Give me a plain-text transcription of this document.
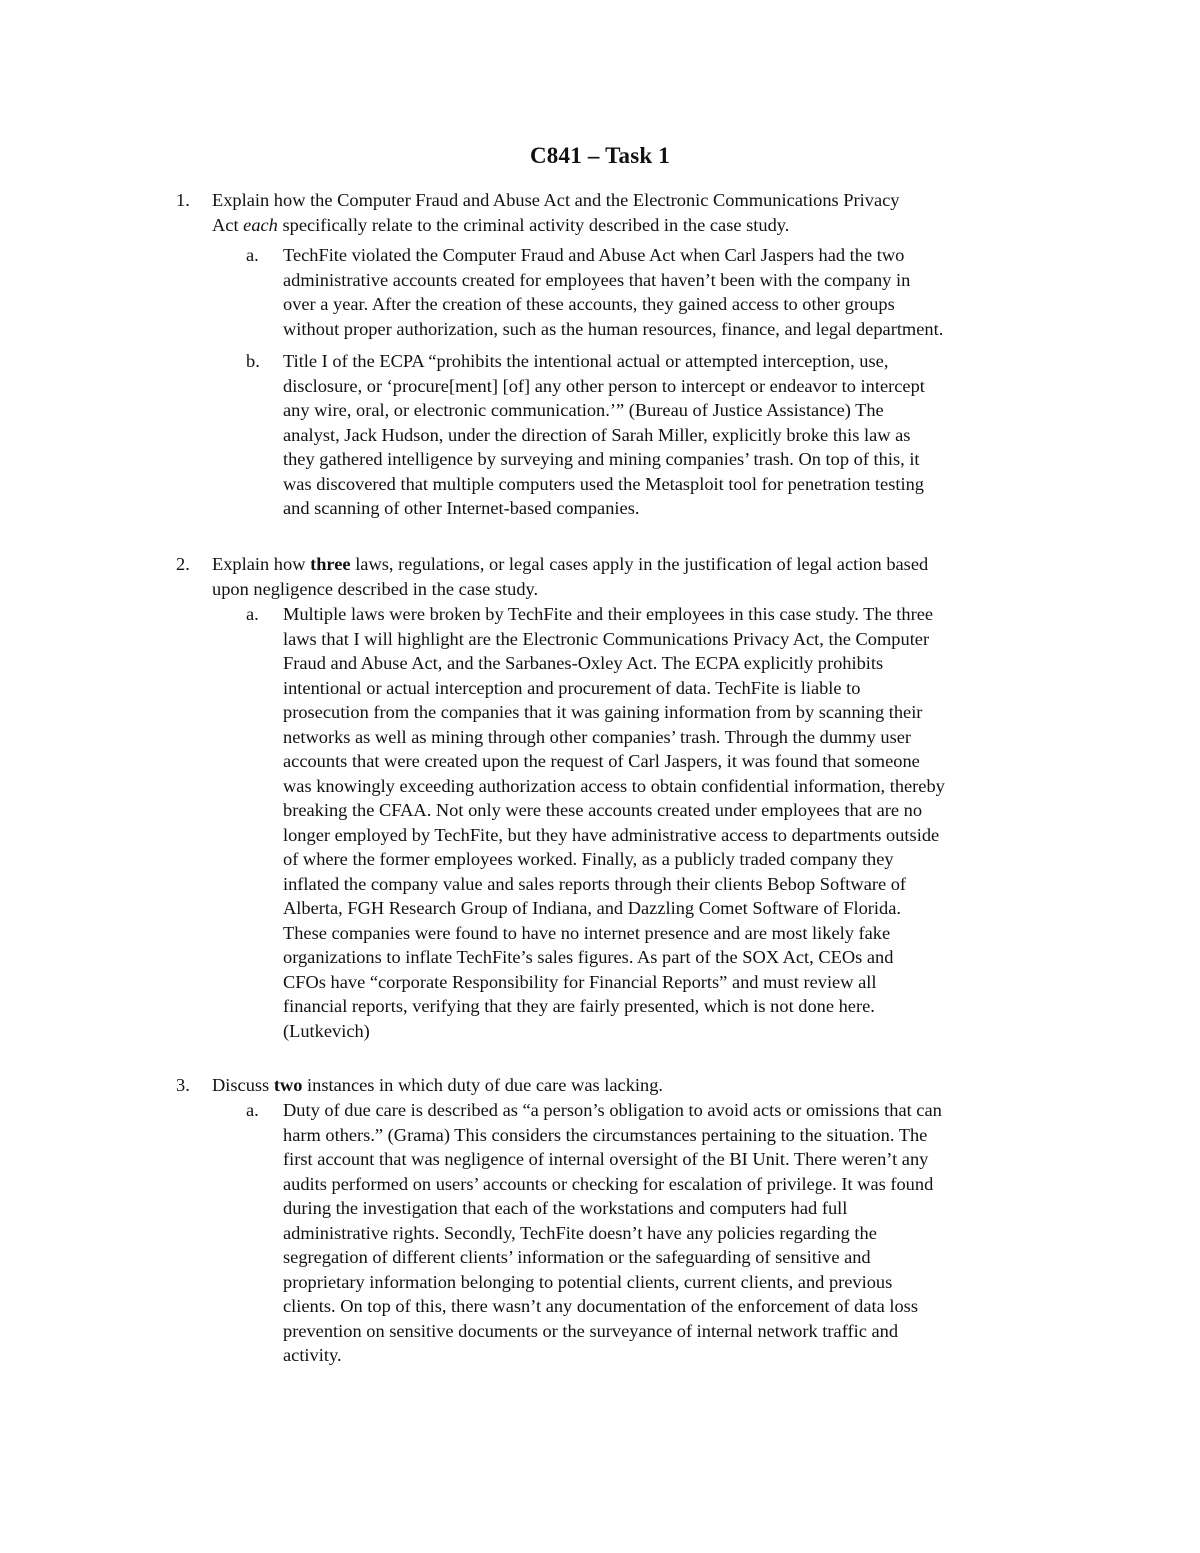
C841 – Task 1
1. Explain how the Computer Fraud and Abuse Act and the Electronic Communications Privacy
Act each specifically relate to the criminal activity described in the case study.
a. TechFite violated the Computer Fraud and Abuse Act when Carl Jaspers had the two
administrative accounts created for employees that haven’t been with the company in
over a year. After the creation of these accounts, they gained access to other groups
without proper authorization, such as the human resources, finance, and legal department.
b. Title I of the ECPA “prohibits the intentional actual or attempted interception, use,
disclosure, or ‘procure[ment] [of] any other person to intercept or endeavor to intercept
any wire, oral, or electronic communication.’” (Bureau of Justice Assistance) The
analyst, Jack Hudson, under the direction of Sarah Miller, explicitly broke this law as
they gathered intelligence by surveying and mining companies’ trash. On top of this, it
was discovered that multiple computers used the Metasploit tool for penetration testing
and scanning of other Internet-based companies.
2. Explain how three laws, regulations, or legal cases apply in the justification of legal action based
upon negligence described in the case study.
a. Multiple laws were broken by TechFite and their employees in this case study. The three
laws that I will highlight are the Electronic Communications Privacy Act, the Computer
Fraud and Abuse Act, and the Sarbanes-Oxley Act. The ECPA explicitly prohibits
intentional or actual interception and procurement of data. TechFite is liable to
prosecution from the companies that it was gaining information from by scanning their
networks as well as mining through other companies’ trash. Through the dummy user
accounts that were created upon the request of Carl Jaspers, it was found that someone
was knowingly exceeding authorization access to obtain confidential information, thereby
breaking the CFAA. Not only were these accounts created under employees that are no
longer employed by TechFite, but they have administrative access to departments outside
of where the former employees worked. Finally, as a publicly traded company they
inflated the company value and sales reports through their clients Bebop Software of
Alberta, FGH Research Group of Indiana, and Dazzling Comet Software of Florida.
These companies were found to have no internet presence and are most likely fake
organizations to inflate TechFite’s sales figures. As part of the SOX Act, CEOs and
CFOs have “corporate Responsibility for Financial Reports” and must review all
financial reports, verifying that they are fairly presented, which is not done here.
(Lutkevich)
3. Discuss two instances in which duty of due care was lacking.
a. Duty of due care is described as “a person’s obligation to avoid acts or omissions that can
harm others.” (Grama) This considers the circumstances pertaining to the situation. The
first account that was negligence of internal oversight of the BI Unit. There weren’t any
audits performed on users’ accounts or checking for escalation of privilege. It was found
during the investigation that each of the workstations and computers had full
administrative rights. Secondly, TechFite doesn’t have any policies regarding the
segregation of different clients’ information or the safeguarding of sensitive and
proprietary information belonging to potential clients, current clients, and previous
clients. On top of this, there wasn’t any documentation of the enforcement of data loss
prevention on sensitive documents or the surveyance of internal network traffic and
activity.
